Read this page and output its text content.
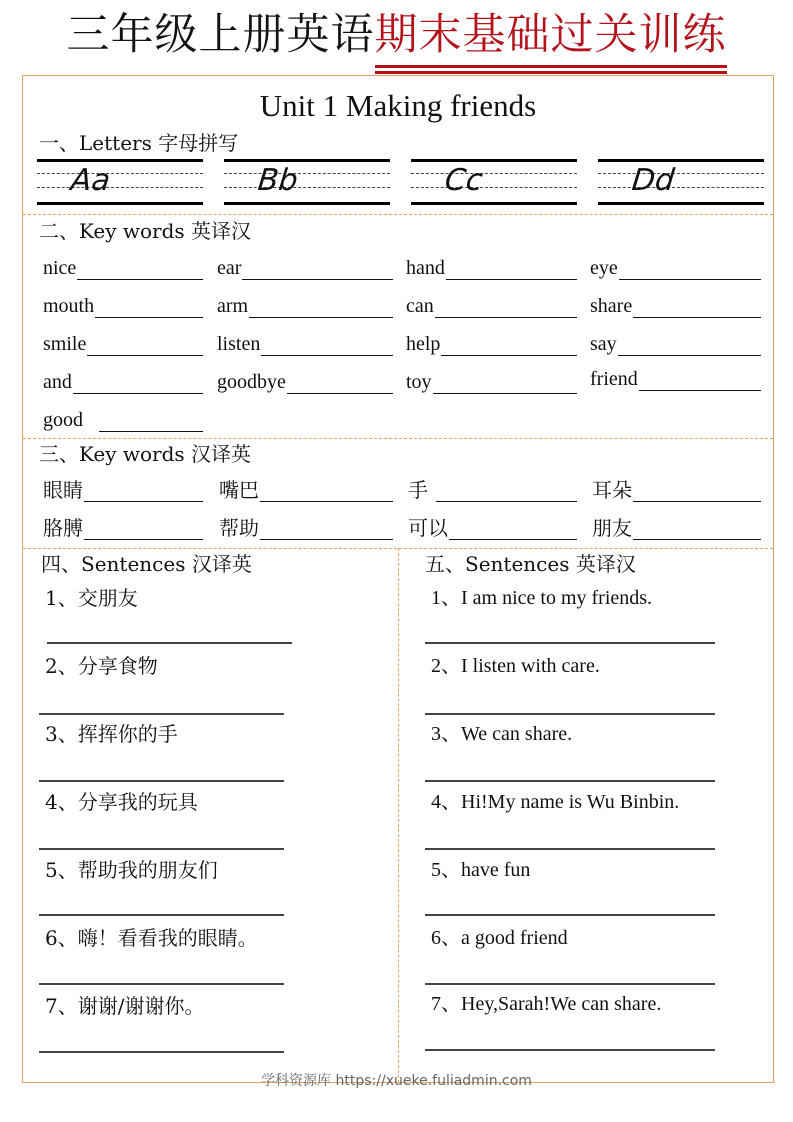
三年级上册英语期末基础过关训练
Unit 1 Making friends
一、Letters 字母拼写
Aa	Bb	Cc	Dd
二、Key words 英译汉
nice	ear	hand	eye
mouth	arm	can	share
smile	listen	help	say
and	goodbye	toy	friend
good
三、Key words 汉译英
眼睛	嘴巴	手	耳朵
胳膊	帮助	可以	朋友
四、Sentences 汉译英
1、交朋友
2、分享食物
3、挥挥你的手
4、分享我的玩具
5、帮助我的朋友们
6、嗨！看看我的眼睛。
7、谢谢/谢谢你。
五、Sentences 英译汉
1、I am nice to my friends.
2、I listen with care.
3、We can share.
4、Hi!My name is Wu Binbin.
5、have fun
6、a good friend
7、Hey,Sarah!We can share.
学科资源库 https://xueke.fuliadmin.com
